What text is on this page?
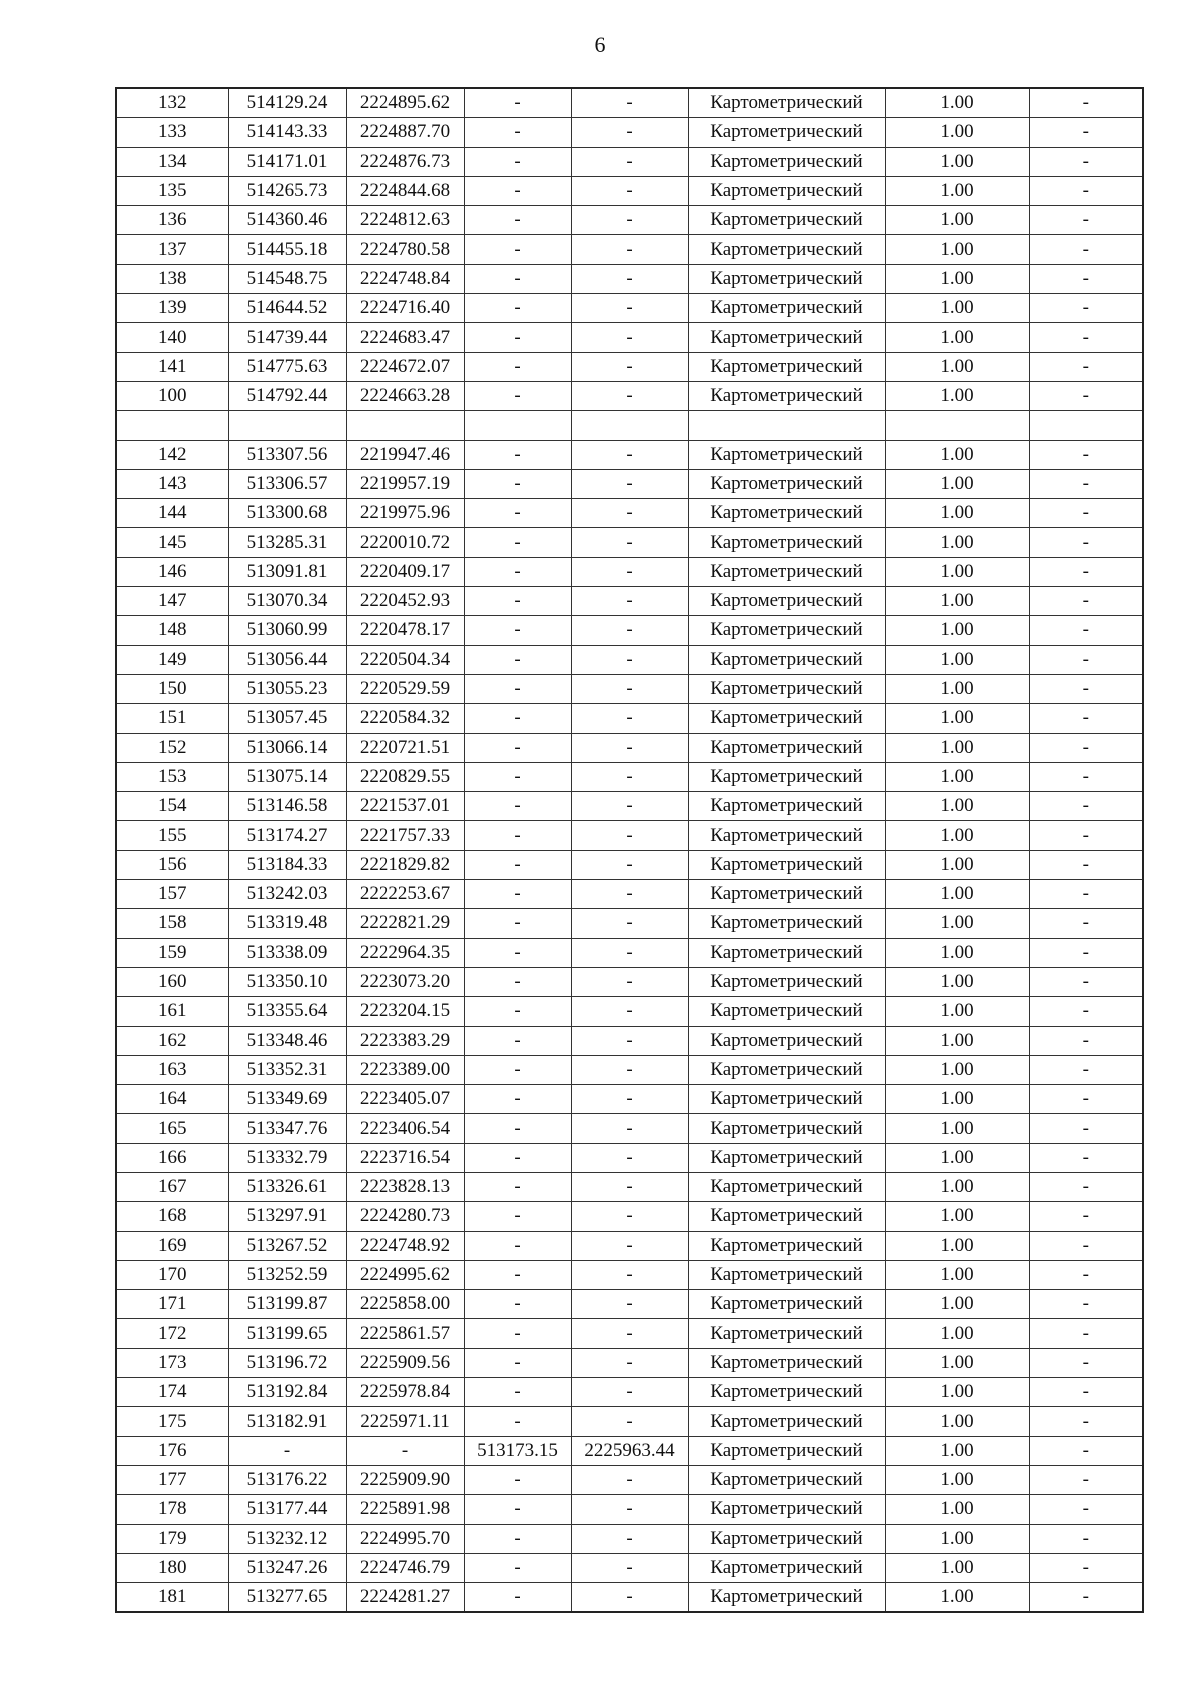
6
132	514129.24	2224895.62	-	-	Картометрический	1.00	-
133	514143.33	2224887.70	-	-	Картометрический	1.00	-
134	514171.01	2224876.73	-	-	Картометрический	1.00	-
135	514265.73	2224844.68	-	-	Картометрический	1.00	-
136	514360.46	2224812.63	-	-	Картометрический	1.00	-
137	514455.18	2224780.58	-	-	Картометрический	1.00	-
138	514548.75	2224748.84	-	-	Картометрический	1.00	-
139	514644.52	2224716.40	-	-	Картометрический	1.00	-
140	514739.44	2224683.47	-	-	Картометрический	1.00	-
141	514775.63	2224672.07	-	-	Картометрический	1.00	-
100	514792.44	2224663.28	-	-	Картометрический	1.00	-

142	513307.56	2219947.46	-	-	Картометрический	1.00	-
143	513306.57	2219957.19	-	-	Картометрический	1.00	-
144	513300.68	2219975.96	-	-	Картометрический	1.00	-
145	513285.31	2220010.72	-	-	Картометрический	1.00	-
146	513091.81	2220409.17	-	-	Картометрический	1.00	-
147	513070.34	2220452.93	-	-	Картометрический	1.00	-
148	513060.99	2220478.17	-	-	Картометрический	1.00	-
149	513056.44	2220504.34	-	-	Картометрический	1.00	-
150	513055.23	2220529.59	-	-	Картометрический	1.00	-
151	513057.45	2220584.32	-	-	Картометрический	1.00	-
152	513066.14	2220721.51	-	-	Картометрический	1.00	-
153	513075.14	2220829.55	-	-	Картометрический	1.00	-
154	513146.58	2221537.01	-	-	Картометрический	1.00	-
155	513174.27	2221757.33	-	-	Картометрический	1.00	-
156	513184.33	2221829.82	-	-	Картометрический	1.00	-
157	513242.03	2222253.67	-	-	Картометрический	1.00	-
158	513319.48	2222821.29	-	-	Картометрический	1.00	-
159	513338.09	2222964.35	-	-	Картометрический	1.00	-
160	513350.10	2223073.20	-	-	Картометрический	1.00	-
161	513355.64	2223204.15	-	-	Картометрический	1.00	-
162	513348.46	2223383.29	-	-	Картометрический	1.00	-
163	513352.31	2223389.00	-	-	Картометрический	1.00	-
164	513349.69	2223405.07	-	-	Картометрический	1.00	-
165	513347.76	2223406.54	-	-	Картометрический	1.00	-
166	513332.79	2223716.54	-	-	Картометрический	1.00	-
167	513326.61	2223828.13	-	-	Картометрический	1.00	-
168	513297.91	2224280.73	-	-	Картометрический	1.00	-
169	513267.52	2224748.92	-	-	Картометрический	1.00	-
170	513252.59	2224995.62	-	-	Картометрический	1.00	-
171	513199.87	2225858.00	-	-	Картометрический	1.00	-
172	513199.65	2225861.57	-	-	Картометрический	1.00	-
173	513196.72	2225909.56	-	-	Картометрический	1.00	-
174	513192.84	2225978.84	-	-	Картометрический	1.00	-
175	513182.91	2225971.11	-	-	Картометрический	1.00	-
176	-	-	513173.15	2225963.44	Картометрический	1.00	-
177	513176.22	2225909.90	-	-	Картометрический	1.00	-
178	513177.44	2225891.98	-	-	Картометрический	1.00	-
179	513232.12	2224995.70	-	-	Картометрический	1.00	-
180	513247.26	2224746.79	-	-	Картометрический	1.00	-
181	513277.65	2224281.27	-	-	Картометрический	1.00	-
